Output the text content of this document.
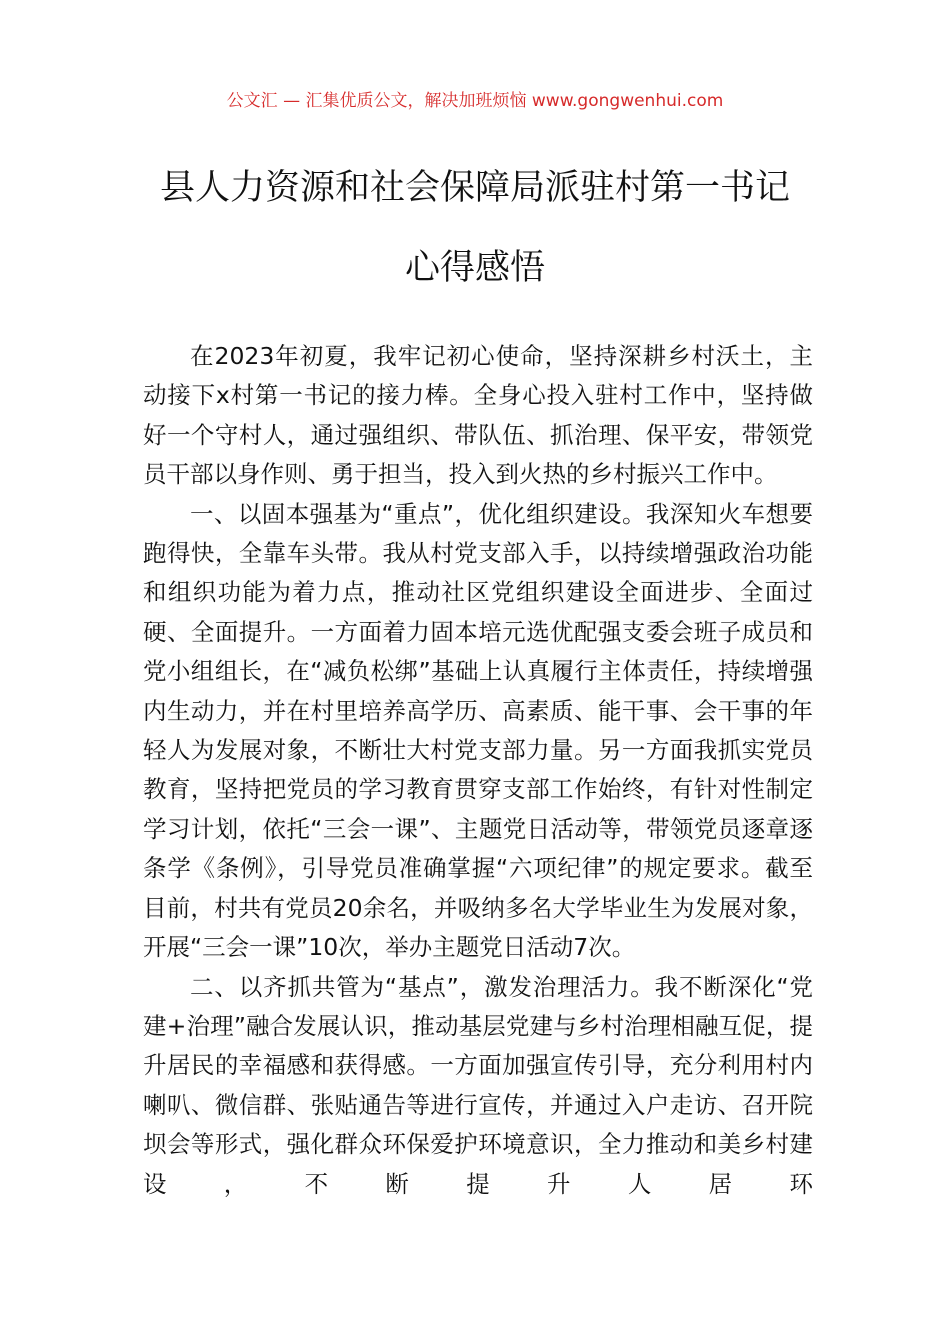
公文汇 — 汇集优质公文，解决加班烦恼 www.gongwenhui.com
县人力资源和社会保障局派驻村第一书记
心得感悟

在2023年初夏，我牢记初心使命，坚持深耕乡村沃土，主动接下x村第一书记的接力棒。全身心投入驻村工作中，坚持做好一个守村人，通过强组织、带队伍、抓治理、保平安，带领党员干部以身作则、勇于担当，投入到火热的乡村振兴工作中。

一、以固本强基为“重点”，优化组织建设。我深知火车想要跑得快，全靠车头带。我从村党支部入手，以持续增强政治功能和组织功能为着力点，推动社区党组织建设全面进步、全面过硬、全面提升。一方面着力固本培元选优配强支委会班子成员和党小组组长，在“减负松绑”基础上认真履行主体责任，持续增强内生动力，并在村里培养高学历、高素质、能干事、会干事的年轻人为发展对象，不断壮大村党支部力量。另一方面我抓实党员教育，坚持把党员的学习教育贯穿支部工作始终，有针对性制定学习计划，依托“三会一课”、主题党日活动等，带领党员逐章逐条学《条例》，引导党员准确掌握“六项纪律”的规定要求。截至目前，村共有党员20余名，并吸纳多名大学毕业生为发展对象，开展“三会一课”10次，举办主题党日活动7次。

二、以齐抓共管为“基点”，激发治理活力。我不断深化“党建+治理”融合发展认识，推动基层党建与乡村治理相融互促，提升居民的幸福感和获得感。一方面加强宣传引导，充分利用村内喇叭、微信群、张贴通告等进行宣传，并通过入户走访、召开院坝会等形式，强化群众环保爱护环境意识，全力推动和美乡村建设，不断提升人居环
